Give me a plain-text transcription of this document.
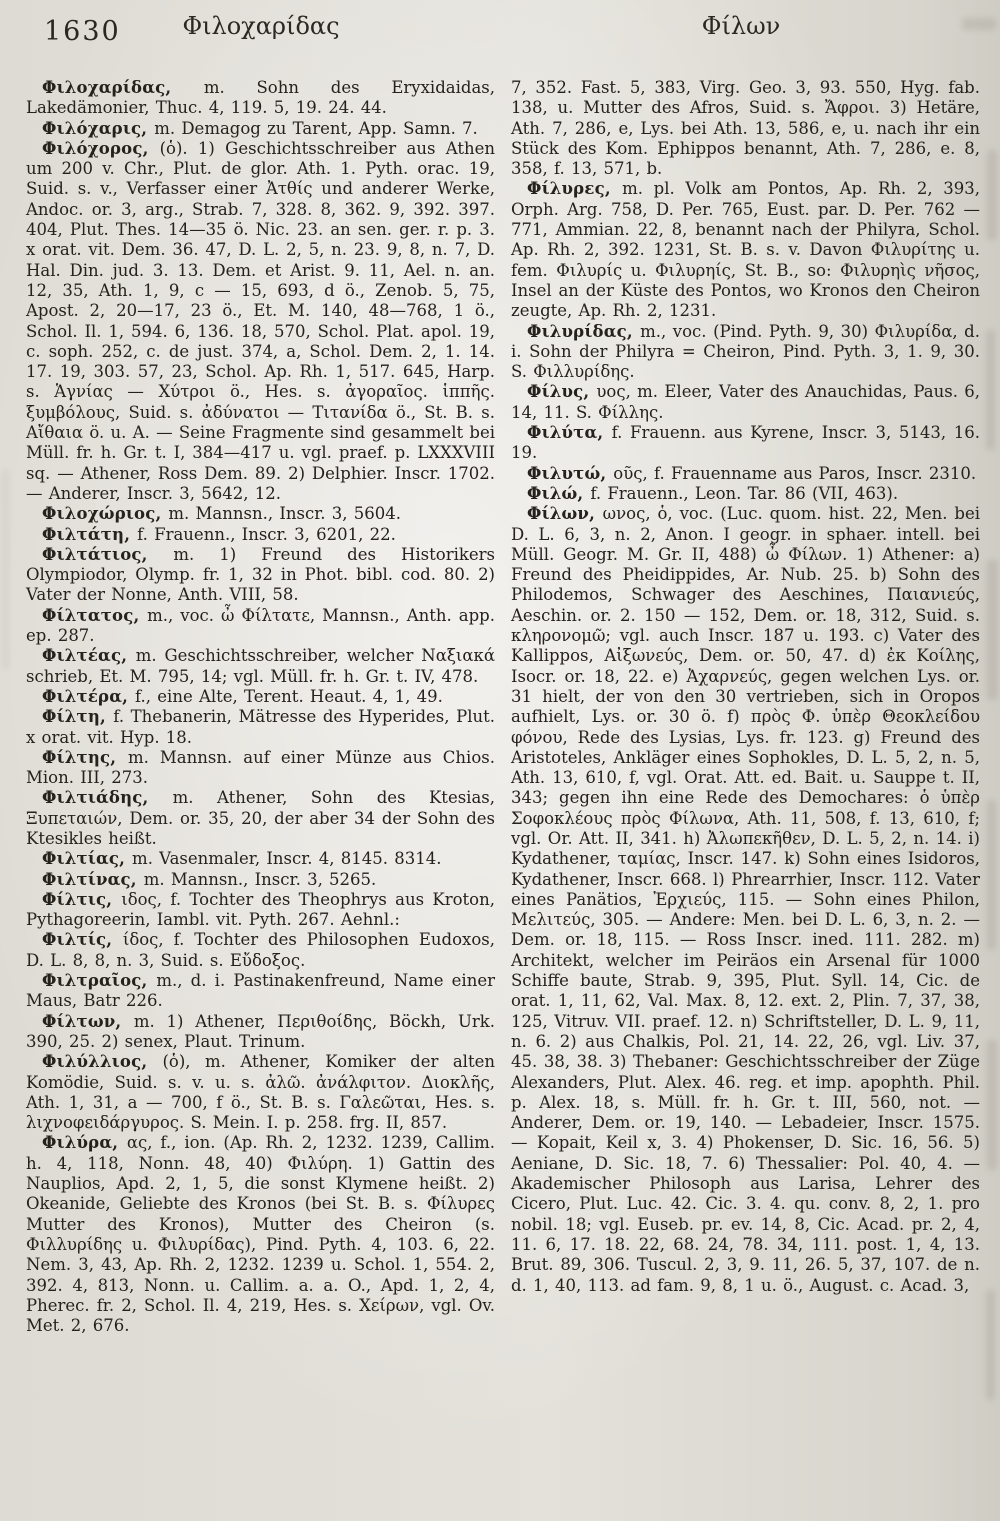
1630	Φιλοχαρίδας	Φίλων

Φιλοχαρίδας, m. Sohn des Eryxidaidas, Lakedämonier, Thuc. 4, 119. 5, 19. 24. 44.

Φιλόχαρις, m. Demagog zu Tarent, App. Samn. 7.

Φιλόχορος, (ὁ). 1) Geschichtsschreiber aus Athen um 200 v. Chr., Plut. de glor. Ath. 1. Pyth. orac. 19, Suid. s. v., Verfasser einer Ἀτθίς und anderer Werke, Andoc. or. 3, arg., Strab. 7, 328. 8, 362. 9, 392. 397. 404, Plut. Thes. 14—35 ö. Nic. 23. an sen. ger. r. p. 3. x orat. vit. Dem. 36. 47, D. L. 2, 5, n. 23. 9, 8, n. 7, D. Hal. Din. jud. 3. 13. Dem. et Arist. 9. 11, Ael. n. an. 12, 35, Ath. 1, 9, c — 15, 693, d ö., Zenob. 5, 75, Apost. 2, 20—17, 23 ö., Et. M. 140, 48—768, 1 ö., Schol. Il. 1, 594. 6, 136. 18, 570, Schol. Plat. apol. 19, c. soph. 252, c. de just. 374, a, Schol. Dem. 2, 1. 14. 17. 19, 303. 57, 23, Schol. Ap. Rh. 1, 517. 645, Harp. s. Ἁγνίας — Χύτροι ö., Hes. s. ἀγοραῖος. ἱππῆς. ξυμβόλους, Suid. s. ἀδύνατοι — Τιτανίδα ö., St. B. s. Αἴθαια ö. u. A. — Seine Fragmente sind gesammelt bei Müll. fr. h. Gr. t. I, 384—417 u. vgl. praef. p. LXXXVIII sq. — Athener, Ross Dem. 89. 2) Delphier. Inscr. 1702. — Anderer, Inscr. 3, 5642, 12.

Φιλοχώριος, m. Mannsn., Inscr. 3, 5604.

Φιλτάτη, f. Frauenn., Inscr. 3, 6201, 22.

Φιλτάτιος, m. 1) Freund des Historikers Olympiodor, Olymp. fr. 1, 32 in Phot. bibl. cod. 80. 2) Vater der Nonne, Anth. VIII, 58.

Φίλτατος, m., voc. ὦ Φίλτατε, Mannsn., Anth. app. ep. 287.

Φιλτέας, m. Geschichtsschreiber, welcher Ναξιακά schrieb, Et. M. 795, 14; vgl. Müll. fr. h. Gr. t. IV, 478.

Φιλτέρα, f., eine Alte, Terent. Heaut. 4, 1, 49.

Φίλτη, f. Thebanerin, Mätresse des Hyperides, Plut. x orat. vit. Hyp. 18.

Φίλτης, m. Mannsn. auf einer Münze aus Chios. Mion. III, 273.

Φιλτιάδης, m. Athener, Sohn des Ktesias, Ξυπεταιών, Dem. or. 35, 20, der aber 34 der Sohn des Ktesikles heißt.

Φιλτίας, m. Vasenmaler, Inscr. 4, 8145. 8314.

Φιλτίνας, m. Mannsn., Inscr. 3, 5265.

Φίλτις, ιδος, f. Tochter des Theophrys aus Kroton, Pythagoreerin, Iambl. vit. Pyth. 267. Aehnl.:

Φιλτίς, ίδος, f. Tochter des Philosophen Eudoxos, D. L. 8, 8, n. 3, Suid. s. Εὔδοξος.

Φιλτραῖος, m., d. i. Pastinakenfreund, Name einer Maus, Batr 226.

Φίλτων, m. 1) Athener, Περιθοίδης, Böckh, Urk. 390, 25. 2) senex, Plaut. Trinum.

Φιλύλλιος, (ὁ), m. Athener, Komiker der alten Komödie, Suid. s. v. u. s. ἀλῶ. ἀνάλφιτον. Διοκλῆς, Ath. 1, 31, a — 700, f ö., St. B. s. Γαλεῶται, Hes. s. λιχνοφειδάργυρος. S. Mein. I. p. 258. frg. II, 857.

Φιλύρα, ας, f., ion. (Ap. Rh. 2, 1232. 1239, Callim. h. 4, 118, Nonn. 48, 40) Φιλύρη. 1) Gattin des Nauplios, Apd. 2, 1, 5, die sonst Klymene heißt. 2) Okeanide, Geliebte des Kronos (bei St. B. s. Φίλυρες Mutter des Kronos), Mutter des Cheiron (s. Φιλλυρίδης u. Φιλυρίδας), Pind. Pyth. 4, 103. 6, 22. Nem. 3, 43, Ap. Rh. 2, 1232. 1239 u. Schol. 1, 554. 2, 392. 4, 813, Nonn. u. Callim. a. a. O., Apd. 1, 2, 4, Pherec. fr. 2, Schol. Il. 4, 219, Hes. s. Χείρων, vgl. Ov. Met. 2, 676.

7, 352. Fast. 5, 383, Virg. Geo. 3, 93. 550, Hyg. fab. 138, u. Mutter des Afros, Suid. s. Ἄφροι. 3) Hetäre, Ath. 7, 286, e, Lys. bei Ath. 13, 586, e, u. nach ihr ein Stück des Kom. Ephippos benannt, Ath. 7, 286, e. 8, 358, f. 13, 571, b.

Φίλυρες, m. pl. Volk am Pontos, Ap. Rh. 2, 393, Orph. Arg. 758, D. Per. 765, Eust. par. D. Per. 762 — 771, Ammian. 22, 8, benannt nach der Philyra, Schol. Ap. Rh. 2, 392. 1231, St. B. s. v. Davon Φιλυρίτης u. fem. Φιλυρίς u. Φιλυρηίς, St. B., so: Φιλυρηὶς νῆσος, Insel an der Küste des Pontos, wo Kronos den Cheiron zeugte, Ap. Rh. 2, 1231.

Φιλυρίδας, m., voc. (Pind. Pyth. 9, 30) Φιλυρίδα, d. i. Sohn der Philyra = Cheiron, Pind. Pyth. 3, 1. 9, 30. S. Φιλλυρίδης.

Φίλυς, υος, m. Eleer, Vater des Anauchidas, Paus. 6, 14, 11. S. Φίλλης.

Φιλύτα, f. Frauenn. aus Kyrene, Inscr. 3, 5143, 16. 19.

Φιλυτώ, οῦς, f. Frauenname aus Paros, Inscr. 2310.

Φιλώ, f. Frauenn., Leon. Tar. 86 (VII, 463).

Φίλων, ωνος, ὁ, voc. (Luc. quom. hist. 22, Men. bei D. L. 6, 3, n. 2, Anon. I geogr. in sphaer. intell. bei Müll. Geogr. M. Gr. II, 488) ὦ Φίλων. 1) Athener: a) Freund des Pheidippides, Ar. Nub. 25. b) Sohn des Philodemos, Schwager des Aeschines, Παιανιεύς, Aeschin. or. 2. 150 — 152, Dem. or. 18, 312, Suid. s. κληρονομῶ; vgl. auch Inscr. 187 u. 193. c) Vater des Kallippos, Αἰξωνεύς, Dem. or. 50, 47. d) ἐκ Κοίλης, Isocr. or. 18, 22. e) Ἀχαρνεύς, gegen welchen Lys. or. 31 hielt, der von den 30 vertrieben, sich in Oropos aufhielt, Lys. or. 30 ö. f) πρὸς Φ. ὑπὲρ Θεοκλείδου φόνου, Rede des Lysias, Lys. fr. 123. g) Freund des Aristoteles, Ankläger eines Sophokles, D. L. 5, 2, n. 5, Ath. 13, 610, f, vgl. Orat. Att. ed. Bait. u. Sauppe t. II, 343; gegen ihn eine Rede des Demochares: ὁ ὑπὲρ Σοφοκλέους πρὸς Φίλωνα, Ath. 11, 508, f. 13, 610, f; vgl. Or. Att. II, 341. h) Ἀλωπεκῆθεν, D. L. 5, 2, n. 14. i) Kydathener, ταμίας, Inscr. 147. k) Sohn eines Isidoros, Kydathener, Inscr. 668. l) Phrearrhier, Inscr. 112. Vater eines Panätios, Ἐρχιεύς, 115. — Sohn eines Philon, Μελιτεύς, 305. — Andere: Men. bei D. L. 6, 3, n. 2. — Dem. or. 18, 115. — Ross Inscr. ined. 111. 282. m) Architekt, welcher im Peiräos ein Arsenal für 1000 Schiffe baute, Strab. 9, 395, Plut. Syll. 14, Cic. de orat. 1, 11, 62, Val. Max. 8, 12. ext. 2, Plin. 7, 37, 38, 125, Vitruv. VII. praef. 12. n) Schriftsteller, D. L. 9, 11, n. 6. 2) aus Chalkis, Pol. 21, 14. 22, 26, vgl. Liv. 37, 45. 38, 38. 3) Thebaner: Geschichtsschreiber der Züge Alexanders, Plut. Alex. 46. reg. et imp. apophth. Phil. p. Alex. 18, s. Müll. fr. h. Gr. t. III, 560, not. — Anderer, Dem. or. 19, 140. — Lebadeier, Inscr. 1575. — Kopait, Keil x, 3. 4) Phokenser, D. Sic. 16, 56. 5) Aeniane, D. Sic. 18, 7. 6) Thessalier: Pol. 40, 4. — Akademischer Philosoph aus Larisa, Lehrer des Cicero, Plut. Luc. 42. Cic. 3. 4. qu. conv. 8, 2, 1. pro nobil. 18; vgl. Euseb. pr. ev. 14, 8, Cic. Acad. pr. 2, 4, 11. 6, 17. 18. 22, 68. 24, 78. 34, 111. post. 1, 4, 13. Brut. 89, 306. Tuscul. 2, 3, 9. 11, 26. 5, 37, 107. de n. d. 1, 40, 113. ad fam. 9, 8, 1 u. ö., August. c. Acad. 3,
